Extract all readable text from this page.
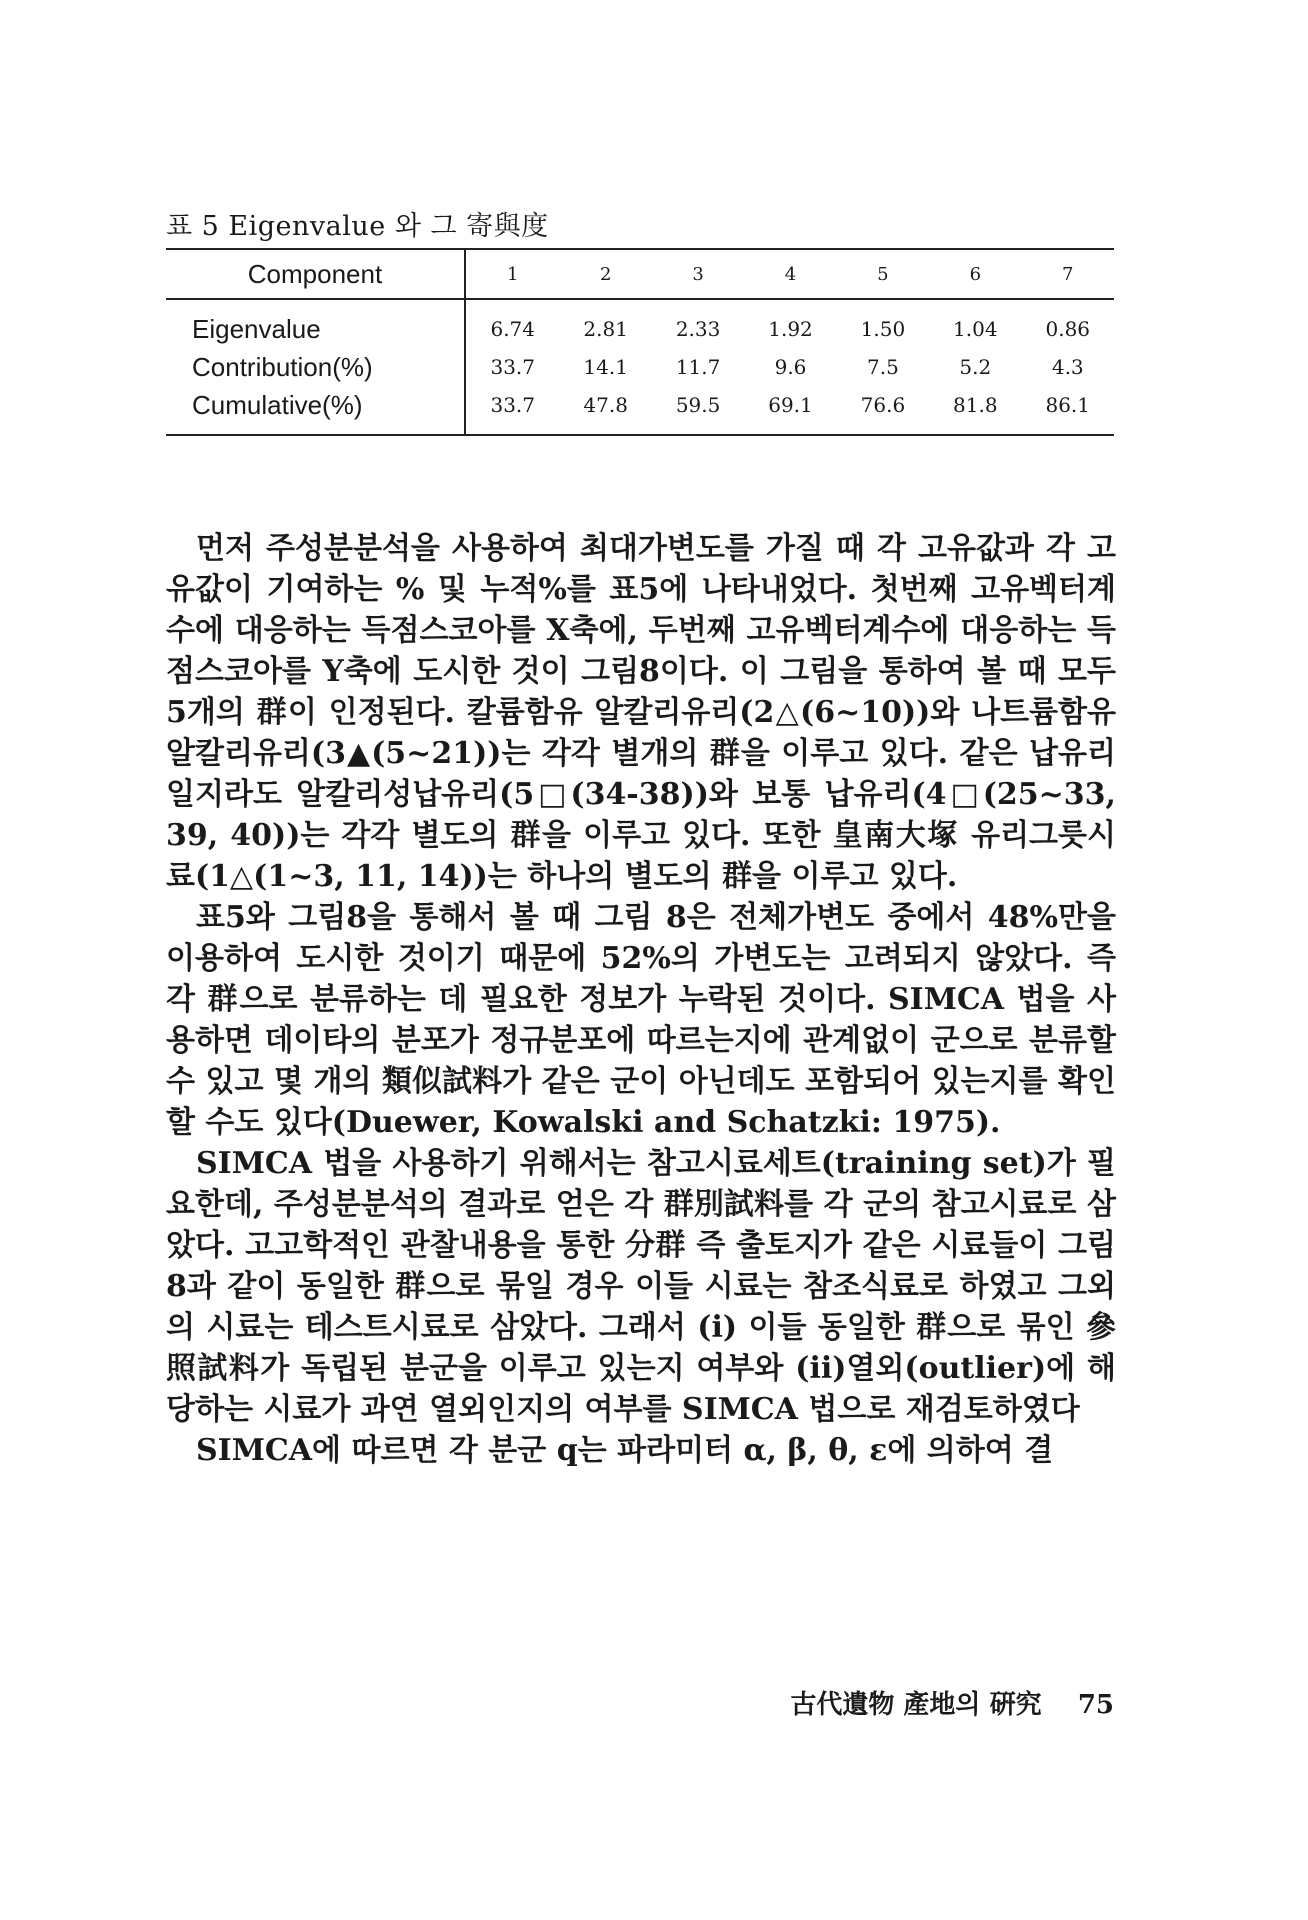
표 5 Eigenvalue 와 그 寄與度
Component	1	2	3	4	5	6	7
Eigenvalue	6.74	2.81	2.33	1.92	1.50	1.04	0.86
Contribution(%)	33.7	14.1	11.7	9.6	7.5	5.2	4.3
Cumulative(%)	33.7	47.8	59.5	69.1	76.6	81.8	86.1

먼저 주성분분석을 사용하여 최대가변도를 가질 때 각 고유값과 각 고유값이 기여하는 % 및 누적%를 표5에 나타내었다. 첫번째 고유벡터계수에 대응하는 득점스코아를 X축에, 두번째 고유벡터계수에 대응하는 득점스코아를 Y축에 도시한 것이 그림8이다. 이 그림을 통하여 볼 때 모두 5개의 群이 인정된다. 칼륨함유 알칼리유리(2△(6~10))와 나트륨함유 알칼리유리(3▲(5~21))는 각각 별개의 群을 이루고 있다. 같은 납유리일지라도 알칼리성납유리(5□(34-38))와 보통 납유리(4□(25~33, 39, 40))는 각각 별도의 群을 이루고 있다. 또한 皇南大塚 유리그릇시료(1△(1~3, 11, 14))는 하나의 별도의 群을 이루고 있다.

표5와 그림8을 통해서 볼 때 그림 8은 전체가변도 중에서 48%만을 이용하여 도시한 것이기 때문에 52%의 가변도는 고려되지 않았다. 즉 각 群으로 분류하는 데 필요한 정보가 누락된 것이다. SIMCA 법을 사용하면 데이타의 분포가 정규분포에 따르는지에 관계없이 군으로 분류할 수 있고 몇 개의 類似試料가 같은 군이 아닌데도 포함되어 있는지를 확인할 수도 있다(Duewer, Kowalski and Schatzki: 1975).

SIMCA 법을 사용하기 위해서는 참고시료세트(training set)가 필요한데, 주성분분석의 결과로 얻은 각 群別試料를 각 군의 참고시료로 삼았다. 고고학적인 관찰내용을 통한 分群 즉 출토지가 같은 시료들이 그림 8과 같이 동일한 群으로 묶일 경우 이들 시료는 참조식료로 하였고 그외의 시료는 테스트시료로 삼았다. 그래서 (i) 이들 동일한 群으로 묶인 參照試料가 독립된 분군을 이루고 있는지 여부와 (ii)열외(outlier)에 해당하는 시료가 과연 열외인지의 여부를 SIMCA 법으로 재검토하였다

SIMCA에 따르면 각 분군 q는 파라미터 α, β, θ, ε에 의하여 결

古代遺物 產地의 硏究 75
